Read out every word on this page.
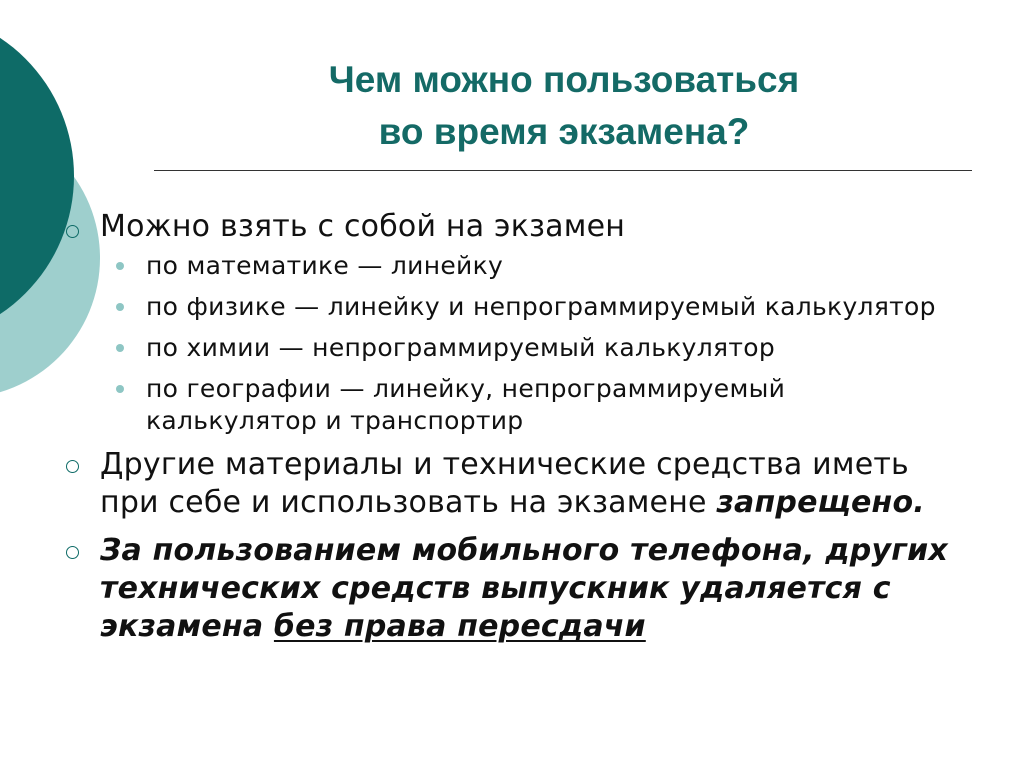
Чем можно пользоваться
во время экзамена?
Можно взять с собой на экзамен
по математике — линейку
по физике — линейку и непрограммируемый калькулятор
по химии — непрограммируемый калькулятор
по географии — линейку, непрограммируемый калькулятор и транспортир
Другие материалы и технические средства иметь при себе и использовать на экзамене запрещено.
За пользованием мобильного телефона, других технических средств выпускник удаляется с экзамена без права пересдачи
